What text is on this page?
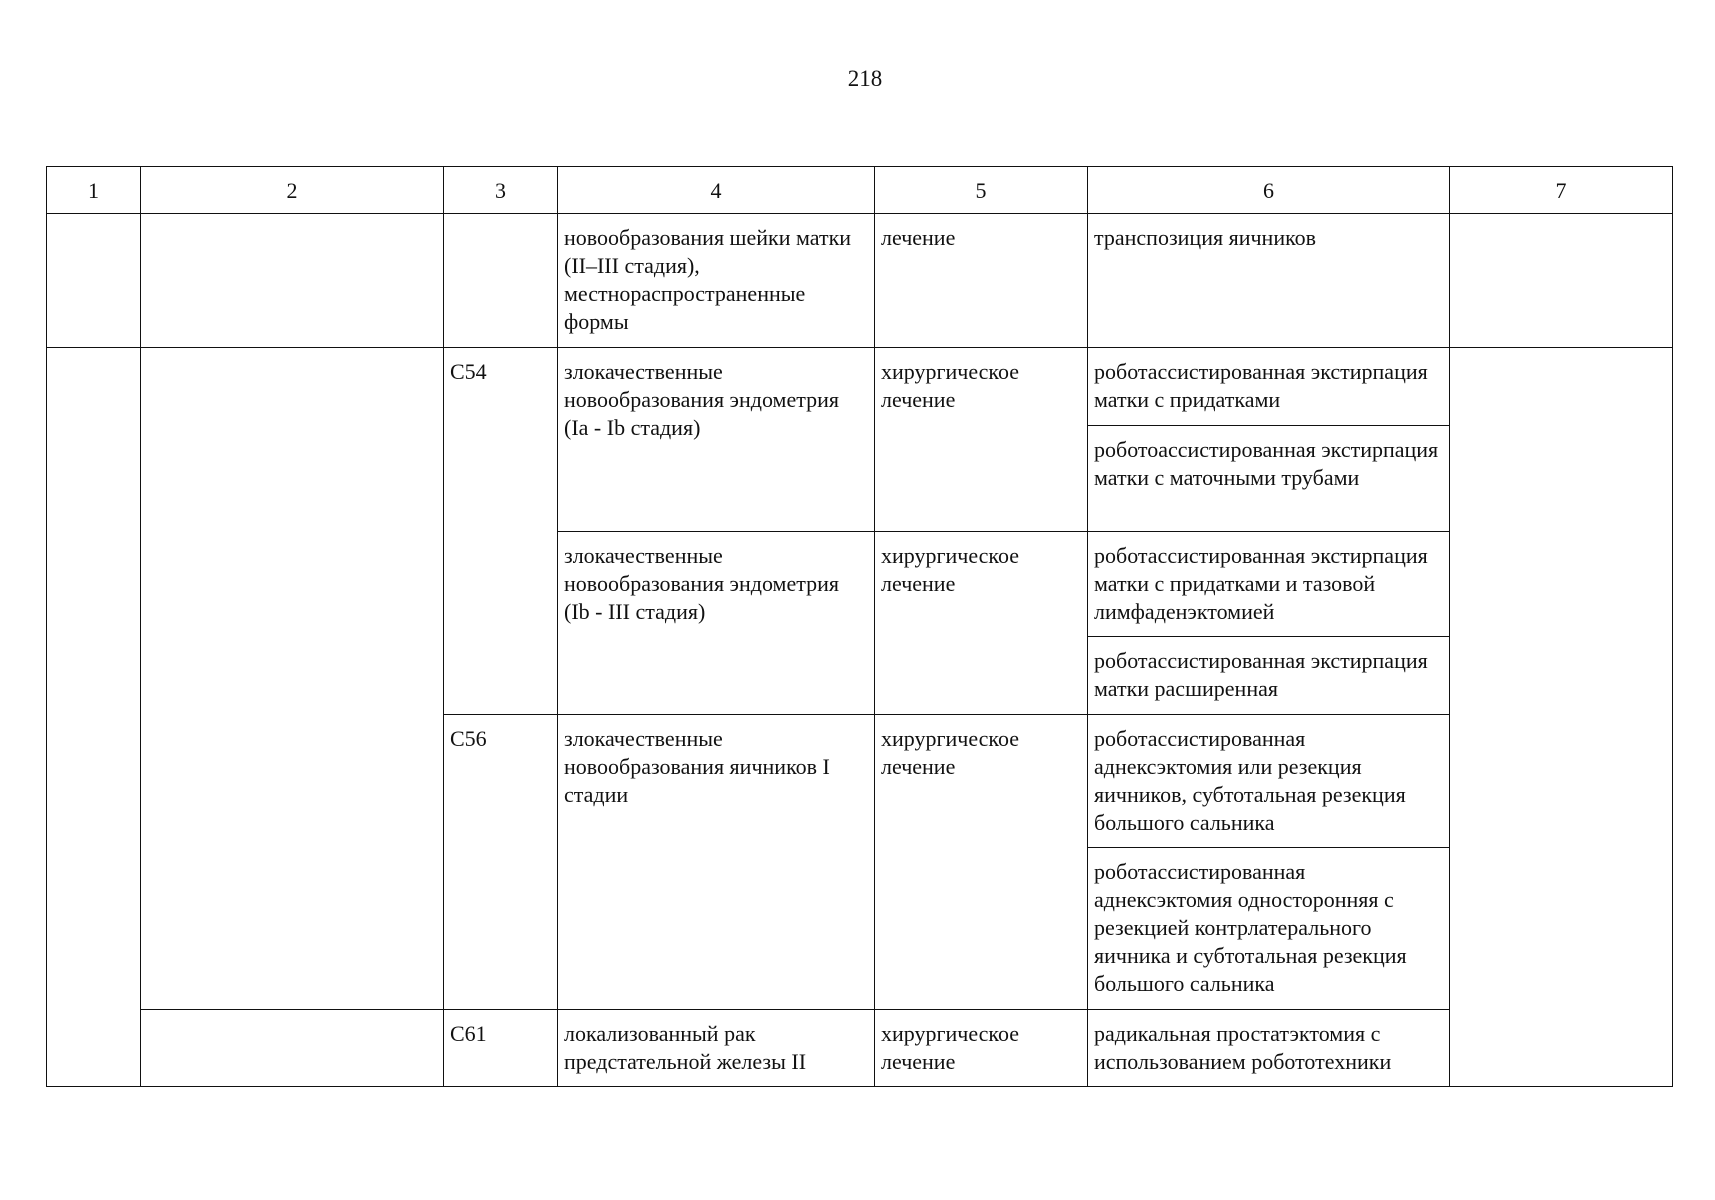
218
1	2	3	4	5	6	7
			новообразования шейки матки (II–III стадия), местнораспространенные формы	лечение	транспозиция яичников	
		C54	злокачественные новообразования эндометрия (Ia - Ib стадия)	хирургическое лечение	роботассистированная экстирпация матки с придатками	
					роботоассистированная экстирпация матки с маточными трубами	
			злокачественные новообразования эндометрия (Ib - III стадия)	хирургическое лечение	роботассистированная экстирпация матки с придатками и тазовой лимфаденэктомией	
					роботассистированная экстирпация матки расширенная	
		C56	злокачественные новообразования яичников I стадии	хирургическое лечение	роботассистированная аднексэктомия или резекция яичников, субтотальная резекция большого сальника	
					роботассистированная аднексэктомия односторонняя с резекцией контрлатерального яичника и субтотальная резекция большого сальника	
		C61	локализованный рак предстательной железы II	хирургическое лечение	радикальная простатэктомия с использованием робототехники	
